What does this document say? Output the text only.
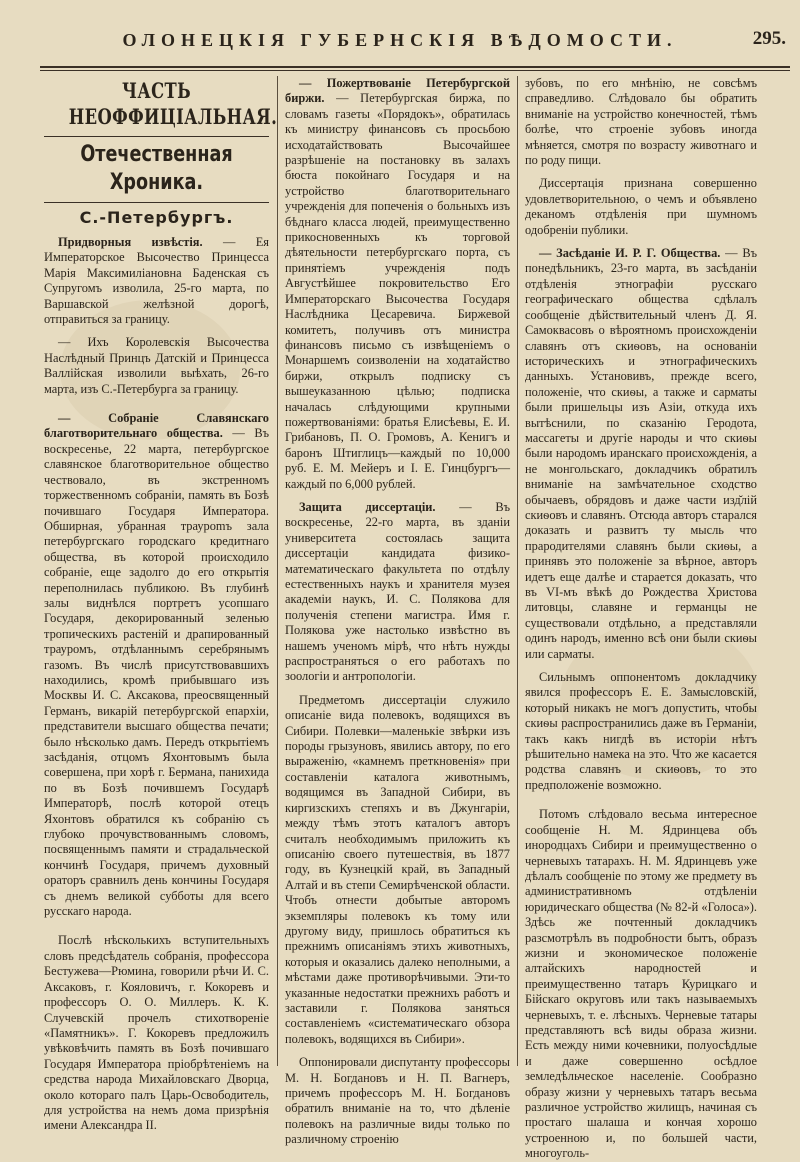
ОЛОНЕЦКІЯ ГУБЕРНСКІЯ ВѢДОМОСТИ.	295.
ЧАСТЬ НЕОФФИЦІАЛЬНАЯ.
Отечественная Хроника.
С.-Петербургъ.

Придворныя извѣстія. — Ея Императорское Высочество Принцесса Марія Максимиліановна Баденская съ Супругомъ изволила, 25-го марта, по Варшавской желѣзной дорогѣ, отправиться за границу.

— Ихъ Королевскія Высочества Наслѣдный Принцъ Датскій и Принцесса Валлійская изволили выѣхать, 26-го марта, изъ С.-Петербурга за границу.

— Собраніе Славянскаго благотворительнаго общества. — Въ воскресенье, 22 марта, петербургское славянское благотворительное общество чествовало, въ экстренномъ торжественномъ собраніи, память въ Бозѣ почившаго Государя Императора. Обширная, убранная траурomъ зала петербургскаго городскаго кредитнаго общества, въ которой происходило собраніе, еще задолго до его открытія переполнилась публикою. Въ глубинѣ залы виднѣлся портретъ усопшаго Государя, декорированный зеленью тропическихъ растеній и драпированный трауромъ, отдѣланнымъ серебрянымъ газомъ. Въ числѣ присутствовавшихъ находились, кромѣ прибывшаго изъ Москвы И. С. Аксакова, преосвященный Германъ, викарій петербургской епархіи, представители высшаго общества печати; было нѣсколько дамъ. Передъ открытіемъ засѣданія, отцомъ Яхонтовымъ была совершена, при хорѣ г. Бермана, панихида по въ Бозѣ почившемъ Государѣ Императорѣ, послѣ которой отецъ Яхонтовъ обратился къ собранію съ глубоко прочувствованнымъ словомъ, посвященнымъ памяти и страдальческой кончинѣ Государя, причемъ духовный ораторъ сравнилъ день кончины Государя съ днемъ великой субботы для всего русскаго народа.

Послѣ нѣсколькихъ вступительныхъ словъ предсѣдатель собранія, профессора Бестужева—Рюмина, говорили рѣчи И. С. Аксаковъ, г. Кояловичъ, г. Кокоревъ и профессоръ О. О. Миллеръ. К. К. Случевскій прочелъ стихотвореніе «Памятникъ». Г. Кокоревъ предложилъ увѣковѣчить память въ Бозѣ почившаго Государя Императора пріобрѣтеніемъ на средства народа Михайловскаго Дворца, около котораго палъ Царь-Освободитель, для устройства на немъ дома призрѣнія имени Александра II.

— Пожертвованіе Петербургской биржи. — Петербургская биржа, по словамъ газеты «Порядокъ», обратилась къ министру финансовъ съ просьбою исходатайствовать Высочайшее разрѣшеніе на постановку въ залахъ бюста покойнаго Государя и на устройство благотворительнаго учрежденія для попеченія о больныхъ изъ бѣднаго класса людей, преимущественно прикосновенныхъ къ торговой дѣятельности петербургскаго порта, съ принятіемъ учрежденія подъ Августѣйшее покровительство Его Императорскаго Высочества Государя Наслѣдника Цесаревича. Биржевой комитетъ, получивъ отъ министра финансовъ письмо съ извѣщеніемъ о Монаршемъ соизволеніи на ходатайство биржи, открылъ подписку съ вышеуказанною цѣлью; подписка началась слѣдующими крупными пожертвованіями: братья Елисѣевы, Е. И. Грибановъ, П. О. Громовъ, А. Кенигъ и баронъ Штиглицъ—каждый по 10,000 руб. Е. М. Мейеръ и І. Е. Гинцбургъ—каждый по 6,000 рублей.

Защита диссертаціи. — Въ воскресенье, 22-го марта, въ зданіи университета состоялась защита диссертаціи кандидата физико-математическаго факультета по отдѣлу естественныхъ наукъ и хранителя музея академіи наукъ, И. С. Полякова для полученія степени магистра. Имя г. Полякова уже настолько извѣстно въ нашемъ ученомъ мірѣ, что нѣтъ нужды распространяться о его работахъ по зоологіи и антропологіи.

Предметомъ диссертаціи служило описаніе вида полевокъ, водящихся въ Сибири. Полевки—маленькіе звѣрки изъ породы грызуновъ, явились автору, по его выраженію, «камнемъ преткновенія» при составленіи каталога животнымъ, водящимся въ Западной Сибири, въ киргизскихъ степяхъ и въ Джунгаріи, между тѣмъ этотъ каталогъ авторъ считалъ необходимымъ приложить къ описанію своего путешествія, въ 1877 году, въ Кузнецкій край, въ Западный Алтай и въ степи Семирѣченской области. Чтобъ отнести добытые авторомъ экземпляры полевокъ къ тому или другому виду, пришлось обратиться къ прежнимъ описаніямъ этихъ животныхъ, которыя и оказались далеко неполными, а мѣстами даже противорѣчивыми. Эти-то указанные недостатки прежнихъ работъ и заставили г. Полякова заняться составленіемъ «систематическаго обзора полевокъ, водящихся въ Сибири».

Оппонировали диспутанту профессоры М. Н. Богдановъ и Н. П. Вагнеръ, причемъ профессоръ М. Н. Богдановъ обратилъ вниманіе на то, что дѣленіе полевокъ на различные виды только по различному строенію

зубовъ, по его мнѣнію, не совсѣмъ справедливо. Слѣдовало бы обратить вниманіе на устройство конечностей, тѣмъ болѣе, что строеніе зубовъ иногда мѣняется, смотря по возрасту животнаго и по роду пищи.

Диссертація признана совершенно удовлетворительною, о чемъ и объявлено деканомъ отдѣленія при шумномъ одобреніи публики.

— Засѣданіе И. Р. Г. Общества. — Въ понедѣльникъ, 23-го марта, въ засѣданіи отдѣленія этнографіи русскаго географическаго общества сдѣлалъ сообщеніе дѣйствительный членъ Д. Я. Самоквасовъ о вѣроятномъ происхожденіи славянъ отъ скиѳовъ, на основаніи историческихъ и этнографическихъ данныхъ. Установивъ, прежде всего, положеніе, что скиѳы, а также и сарматы были пришельцы изъ Азіи, откуда ихъ вытѣснили, по сказанію Геродота, массагеты и другіе народы и что скиѳы были народомъ иранскаго происхожденія, а не монгольскаго, докладчикъ обратилъ вниманіе на замѣчательное сходство обычаевъ, обрядовъ и даже части изд̆лій скиѳовъ и славянъ. Отсюда авторъ старался доказать и развитъ ту мысль что прародителями славянъ были скиѳы, а принявъ это положеніе за вѣрное, авторъ идетъ еще далѣе и старается доказать, что въ VI-мъ вѣкѣ до Рождества Христова литовцы, славяне и германцы не существовали отдѣльно, а представляли одинъ народъ, именно всѣ они были скиѳы или сарматы.

Сильнымъ оппонентомъ докладчику явился профессоръ Е. Е. Замысловскій, который никакъ не могъ допустить, чтобы скиѳы распространились даже въ Германіи, такъ какъ нигдѣ въ исторіи нѣтъ рѣшительно намека на это. Что же касается родства славянъ и скиѳовъ, то это предположеніе возможно.

Потомъ слѣдовало весьма интересное сообщеніе Н. М. Ядринцева объ инородцахъ Сибири и преимущественно о черневыхъ татарахъ. Н. М. Ядринцевъ уже дѣлалъ сообщеніе по этому же предмету въ административномъ отдѣленіи юридическаго общества (№ 82-й «Голоса»). Здѣсь же почтенный докладчикъ разсмотрѣлъ въ подробности бытъ, образъ жизни и экономическое положеніе алтайскихъ народностей и преимущественно татаръ Курицкаго и Бійскаго округовъ или такъ называемыхъ черневыхъ, т. е. лѣсныхъ. Черневые татары представляютъ всѣ виды образа жизни. Есть между ними кочевники, полуосѣдлые и даже совершенно осѣдлое земледѣльческое населеніе. Сообразно образу жизни у черневыхъ татаръ весьма различное устройство жилищъ, начиная съ простаго шалаша и кончая хорошо устроенною и, по большей части, многоуголь-
